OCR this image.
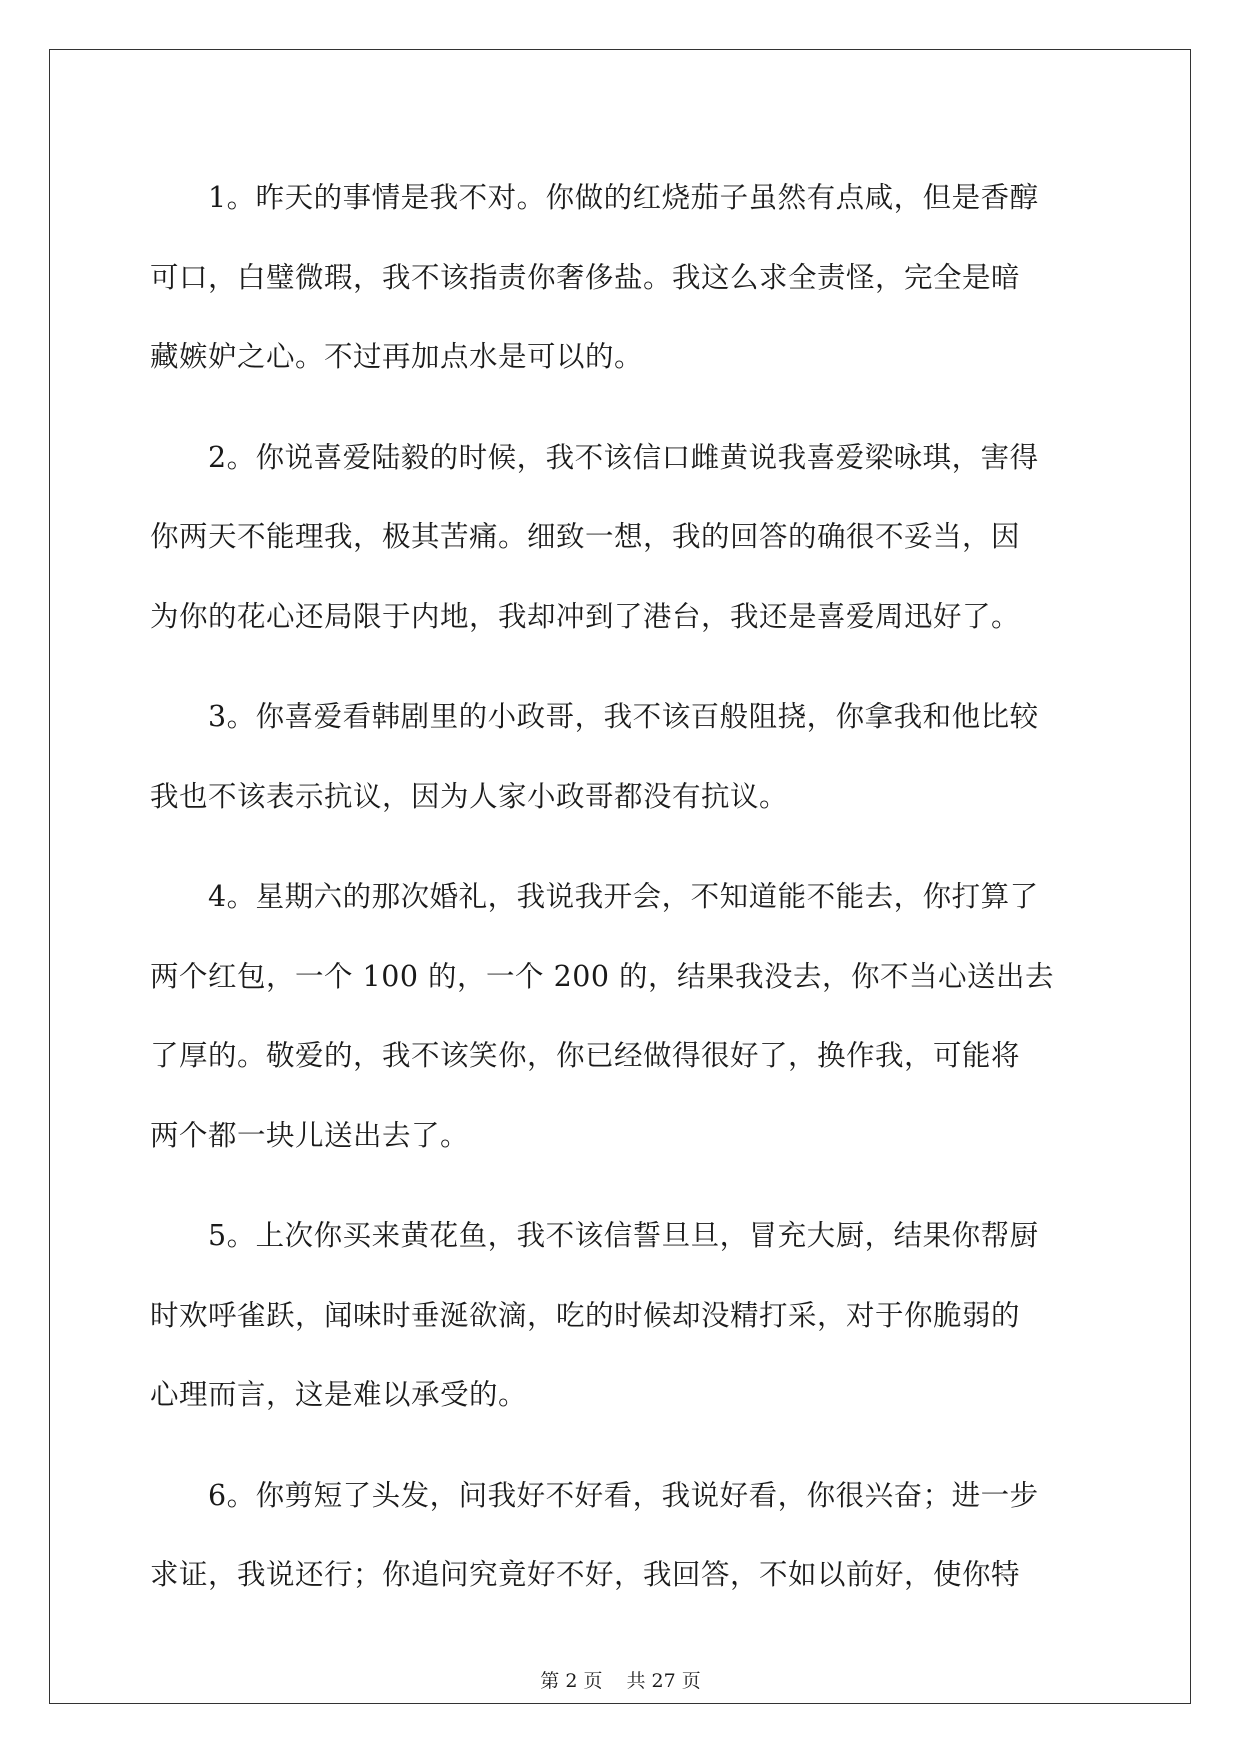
　　1。昨天的事情是我不对。你做的红烧茄子虽然有点咸，但是香醇
可口，白璧微瑕，我不该指责你奢侈盐。我这么求全责怪，完全是暗
藏嫉妒之心。不过再加点水是可以的。
　　2。你说喜爱陆毅的时候，我不该信口雌黄说我喜爱梁咏琪，害得
你两天不能理我，极其苦痛。细致一想，我的回答的确很不妥当，因
为你的花心还局限于内地，我却冲到了港台，我还是喜爱周迅好了。
　　3。你喜爱看韩剧里的小政哥，我不该百般阻挠，你拿我和他比较
我也不该表示抗议，因为人家小政哥都没有抗议。
　　4。星期六的那次婚礼，我说我开会，不知道能不能去，你打算了
两个红包，一个 100 的，一个 200 的，结果我没去，你不当心送出去
了厚的。敬爱的，我不该笑你，你已经做得很好了，换作我，可能将
两个都一块儿送出去了。
　　5。上次你买来黄花鱼，我不该信誓旦旦，冒充大厨，结果你帮厨
时欢呼雀跃，闻味时垂涎欲滴，吃的时候却没精打采，对于你脆弱的
心理而言，这是难以承受的。
　　6。你剪短了头发，问我好不好看，我说好看，你很兴奋；进一步
求证，我说还行；你追问究竟好不好，我回答，不如以前好，使你特
第 2 页 共 27 页
